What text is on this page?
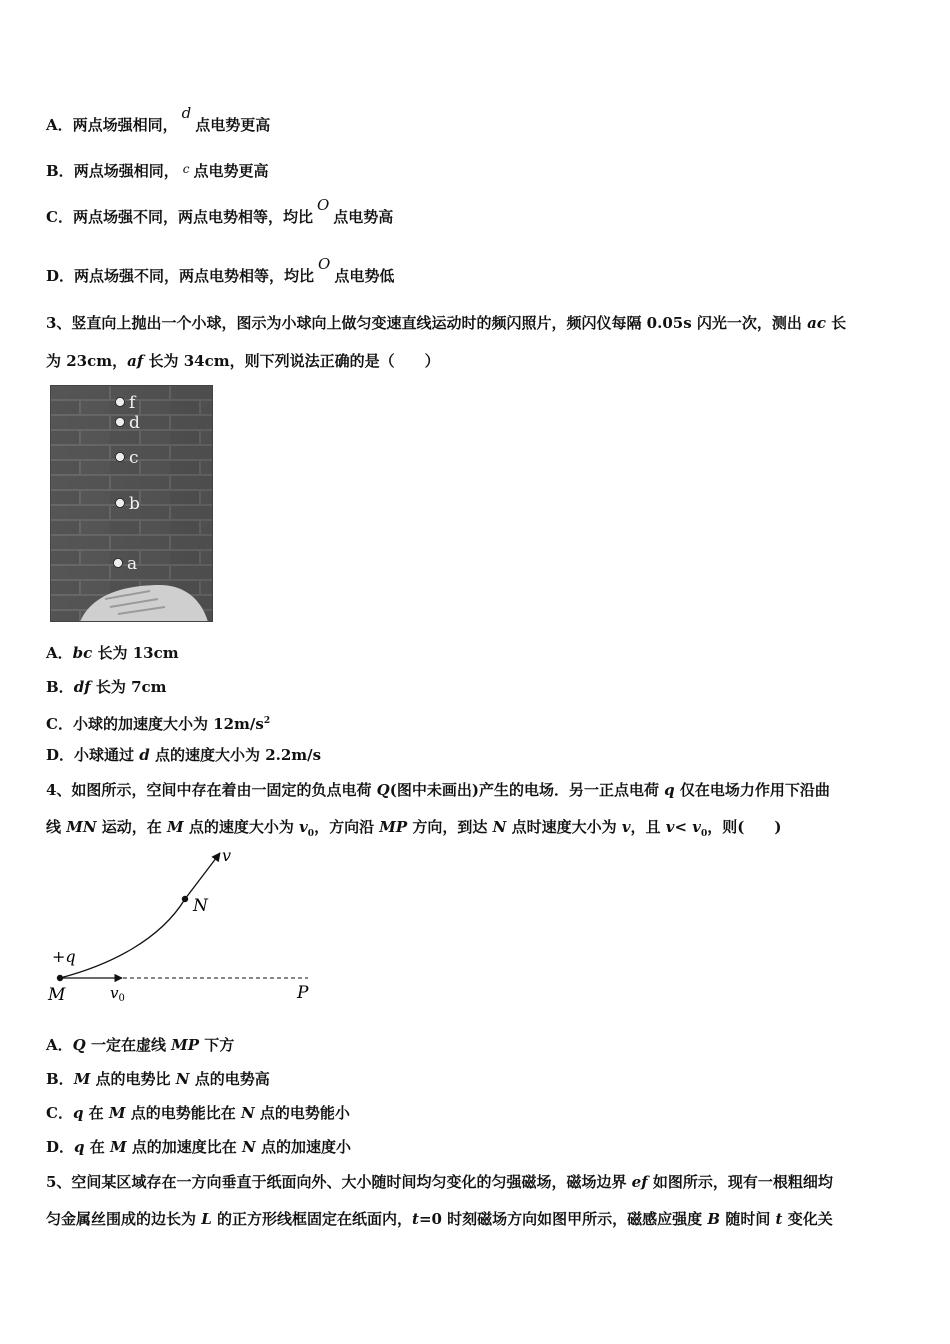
A．两点场强相同，d点电势更高
B．两点场强相同， $^c$ 点电势更高
C．两点场强不同，两点电势相等，均比O点电势高
D．两点场强不同，两点电势相等，均比O点电势低
3、竖直向上抛出一个小球，图示为小球向上做匀变速直线运动时的频闪照片，频闪仪每隔 0.05s 闪光一次，测出 ac 长
为 23cm，af 长为 34cm，则下列说法正确的是（　　）
f
d
c
b
a
A．bc 长为 13cm
B．df 长为 7cm
C．小球的加速度大小为 $12m/s^2$
D．小球通过 d 点的速度大小为 2.2m/s
4、如图所示，空间中存在着由一固定的负点电荷 Q(图中未画出)产生的电场．另一正点电荷 q 仅在电场力作用下沿曲
线 MN 运动，在 M 点的速度大小为 $v_0$，方向沿 MP 方向，到达 N 点时速度大小为 v，且 $v< v_0$，则(　　)
v
N
+q
M	$v_0$	P
A．Q 一定在虚线 MP 下方
B．M 点的电势比 N 点的电势高
C．q 在 M 点的电势能比在 N 点的电势能小
D．q 在 M 点的加速度比在 N 点的加速度小
5、空间某区域存在一方向垂直于纸面向外、大小随时间均匀变化的匀强磁场，磁场边界 ef 如图所示，现有一根粗细均
匀金属丝围成的边长为 L 的正方形线框固定在纸面内，t=0 时刻磁场方向如图甲所示，磁感应强度 B 随时间 t 变化关
